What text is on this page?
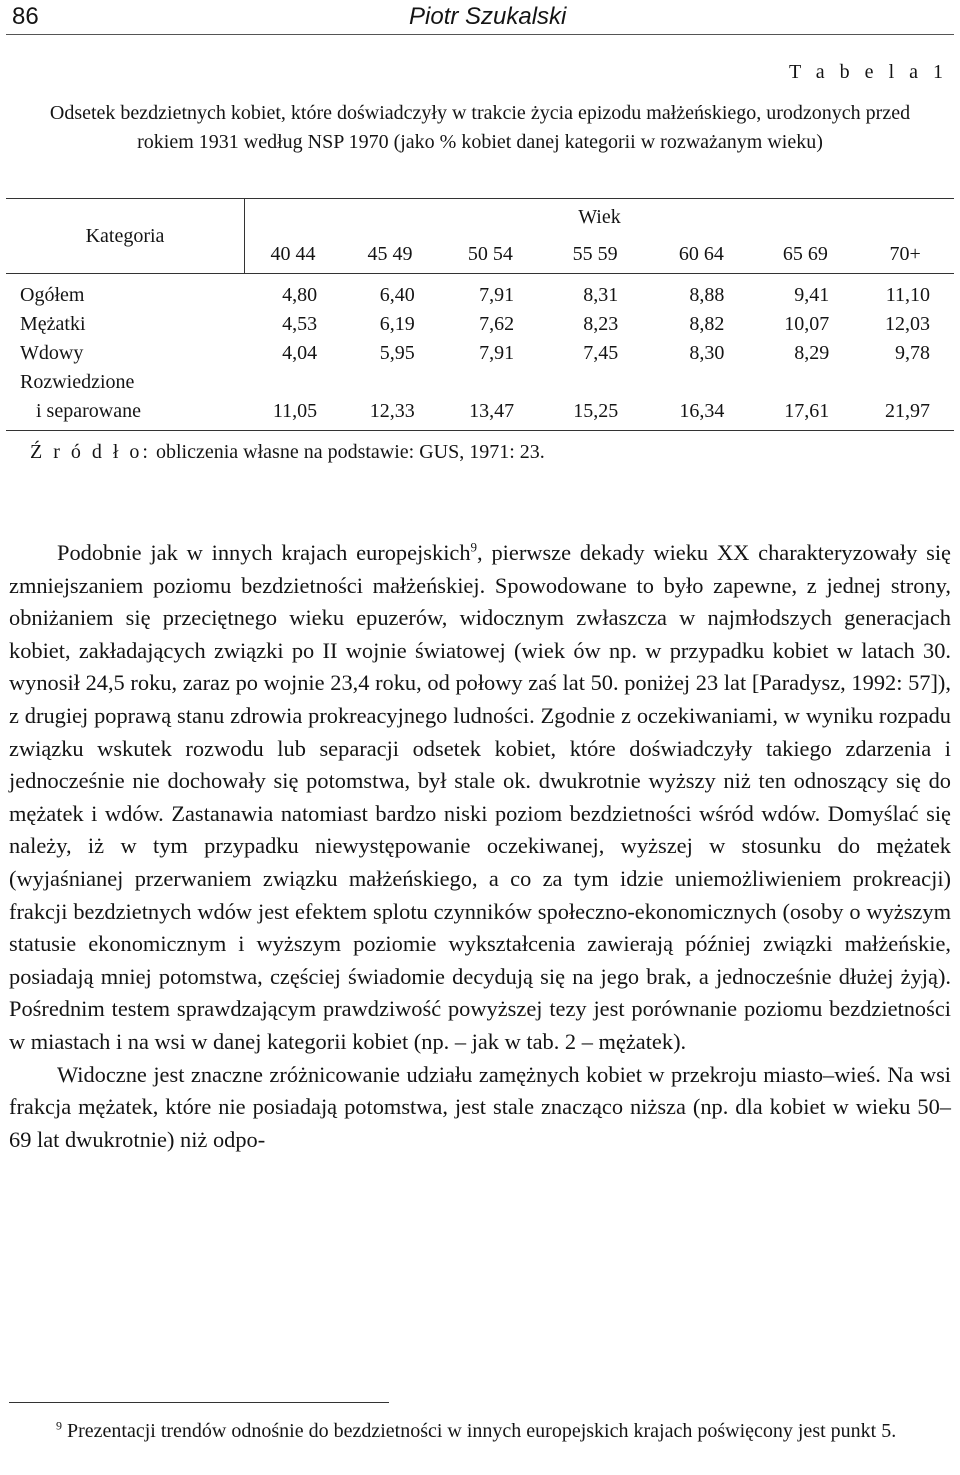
86	Piotr Szukalski
T a b e l a 1
Odsetek bezdzietnych kobiet, które doświadczyły w trakcie życia epizodu małżeńskiego, urodzonych przed rokiem 1931 według NSP 1970 (jako % kobiet danej kategorii w rozważanym wieku)
Kategoria	Wiek						
	40 44	45 49	50 54	55 59	60 64	65 69	70+
Ogółem	4,80	6,40	7,91	8,31	8,88	9,41	11,10
Mężatki	4,53	6,19	7,62	8,23	8,82	10,07	12,03
Wdowy	4,04	5,95	7,91	7,45	8,30	8,29	9,78
Rozwiedzione							
i separowane	11,05	12,33	13,47	15,25	16,34	17,61	21,97
Ź r ó d ł o: obliczenia własne na podstawie: GUS, 1971: 23.

Podobnie jak w innych krajach europejskich$^9$, pierwsze dekady wieku XX charakteryzowały się zmniejszaniem poziomu bezdzietności małżeńskiej. Spowodowane to było zapewne, z jednej strony, obniżaniem się przeciętnego wieku epuzerów, widocznym zwłaszcza w najmłodszych generacjach kobiet, zakładających związki po II wojnie światowej (wiek ów np. w przypadku kobiet w latach 30. wynosił 24,5 roku, zaraz po wojnie 23,4 roku, od połowy zaś lat 50. poniżej 23 lat [Paradysz, 1992: 57]), z drugiej poprawą stanu zdrowia prokreacyjnego ludności. Zgodnie z oczekiwaniami, w wyniku rozpadu związku wskutek rozwodu lub separacji odsetek kobiet, które doświadczyły takiego zdarzenia i jednocześnie nie dochowały się potomstwa, był stale ok. dwukrotnie wyższy niż ten odnoszący się do mężatek i wdów. Zastanawia natomiast bardzo niski poziom bezdzietności wśród wdów. Domyślać się należy, iż w tym przypadku niewystępowanie oczekiwanej, wyższej w stosunku do mężatek (wyjaśnianej przerwaniem związku małżeńskiego, a co za tym idzie uniemożliwieniem prokreacji) frakcji bezdzietnych wdów jest efektem splotu czynników społeczno-ekonomicznych (osoby o wyższym statusie ekonomicznym i wyższym poziomie wykształcenia zawierają później związki małżeńskie, posiadają mniej potomstwa, częściej świadomie decydują się na jego brak, a jednocześnie dłużej żyją). Pośrednim testem sprawdzającym prawdziwość powyższej tezy jest porównanie poziomu bezdzietności w miastach i na wsi w danej kategorii kobiet (np. – jak w tab. 2 – mężatek).

Widoczne jest znaczne zróżnicowanie udziału zamężnych kobiet w przekroju miasto–wieś. Na wsi frakcja mężatek, które nie posiadają potomstwa, jest stale znacząco niższa (np. dla kobiet w wieku 50–69 lat dwukrotnie) niż odpo-

$^9$ Prezentacji trendów odnośnie do bezdzietności w innych europejskich krajach poświęcony jest punkt 5.
